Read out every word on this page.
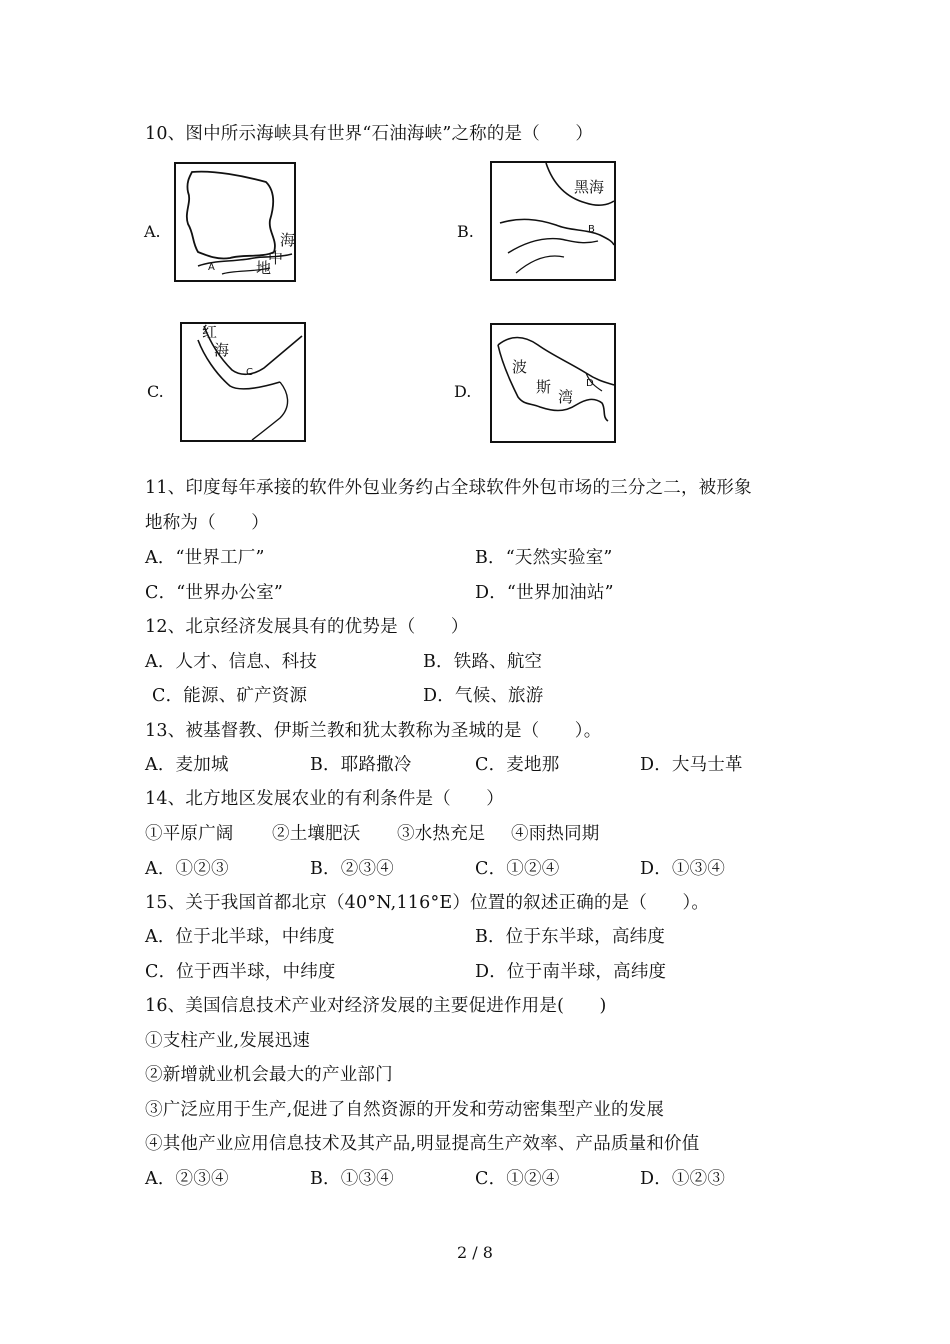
10、图中所示海峡具有世界“石油海峡”之称的是（　　）
A.	海
中
地
A
B.
黑海
B
C.
红
海
C
D.
波
斯
湾
D
11、印度每年承接的软件外包业务约占全球软件外包市场的三分之二，被形象
地称为（　　）
A．“世界工厂”	B．“天然实验室”
C．“世界办公室”	D．“世界加油站”
12、北京经济发展具有的优势是（　　）
A．人才、信息、科技	B．铁路、航空
C．能源、矿产资源	D．气候、旅游
13、被基督教、伊斯兰教和犹太教称为圣城的是（　　）。
A．麦加城	B．耶路撒冷	C．麦地那	D．大马士革
14、北方地区发展农业的有利条件是（　　）
①平原广阔 ②土壤肥沃 ③水热充足 ④雨热同期
A．①②③	B．②③④	C．①②④	D．①③④
15、关于我国首都北京（40°N,116°E）位置的叙述正确的是（　　）。
A．位于北半球，中纬度	B．位于东半球，高纬度
C．位于西半球，中纬度	D．位于南半球，高纬度
16、美国信息技术产业对经济发展的主要促进作用是(　　)
①支柱产业,发展迅速
②新增就业机会最大的产业部门
③广泛应用于生产,促进了自然资源的开发和劳动密集型产业的发展
④其他产业应用信息技术及其产品,明显提高生产效率、产品质量和价值
A．②③④	B．①③④	C．①②④	D．①②③
2 / 8
